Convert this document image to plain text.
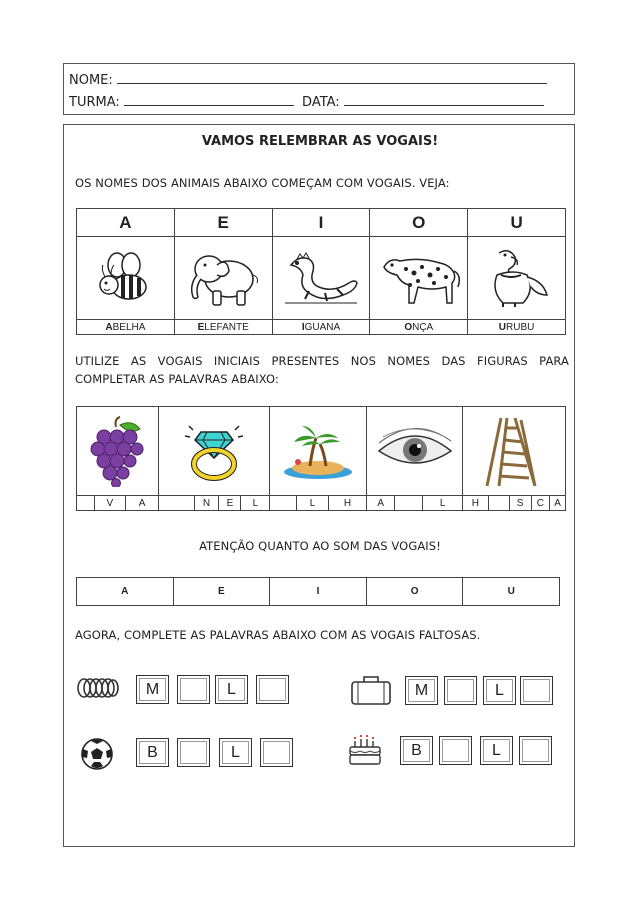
NOME:
TURMA:	DATA:
VAMOS RELEMBRAR AS VOGAIS!
OS NOMES DOS ANIMAIS ABAIXO COMEÇAM COM VOGAIS. VEJA:
A	E	I	O	U

ABELHA	ELEFANTE	IGUANA	ONÇA	URUBU
UTILIZE AS VOGAIS INICIAIS PRESENTES NOS NOMES DAS FIGURAS PARA
COMPLETAR AS PALAVRAS ABAIXO:

	V	A		N	E	L		L	H	A		L	H		S	C	A
ATENÇÃO QUANTO AO SOM DAS VOGAIS!
A	E	I	O	U
AGORA, COMPLETE AS PALAVRAS ABAIXO COM AS VOGAIS FALTOSAS.
M	L	M	L
B	L	B	L
